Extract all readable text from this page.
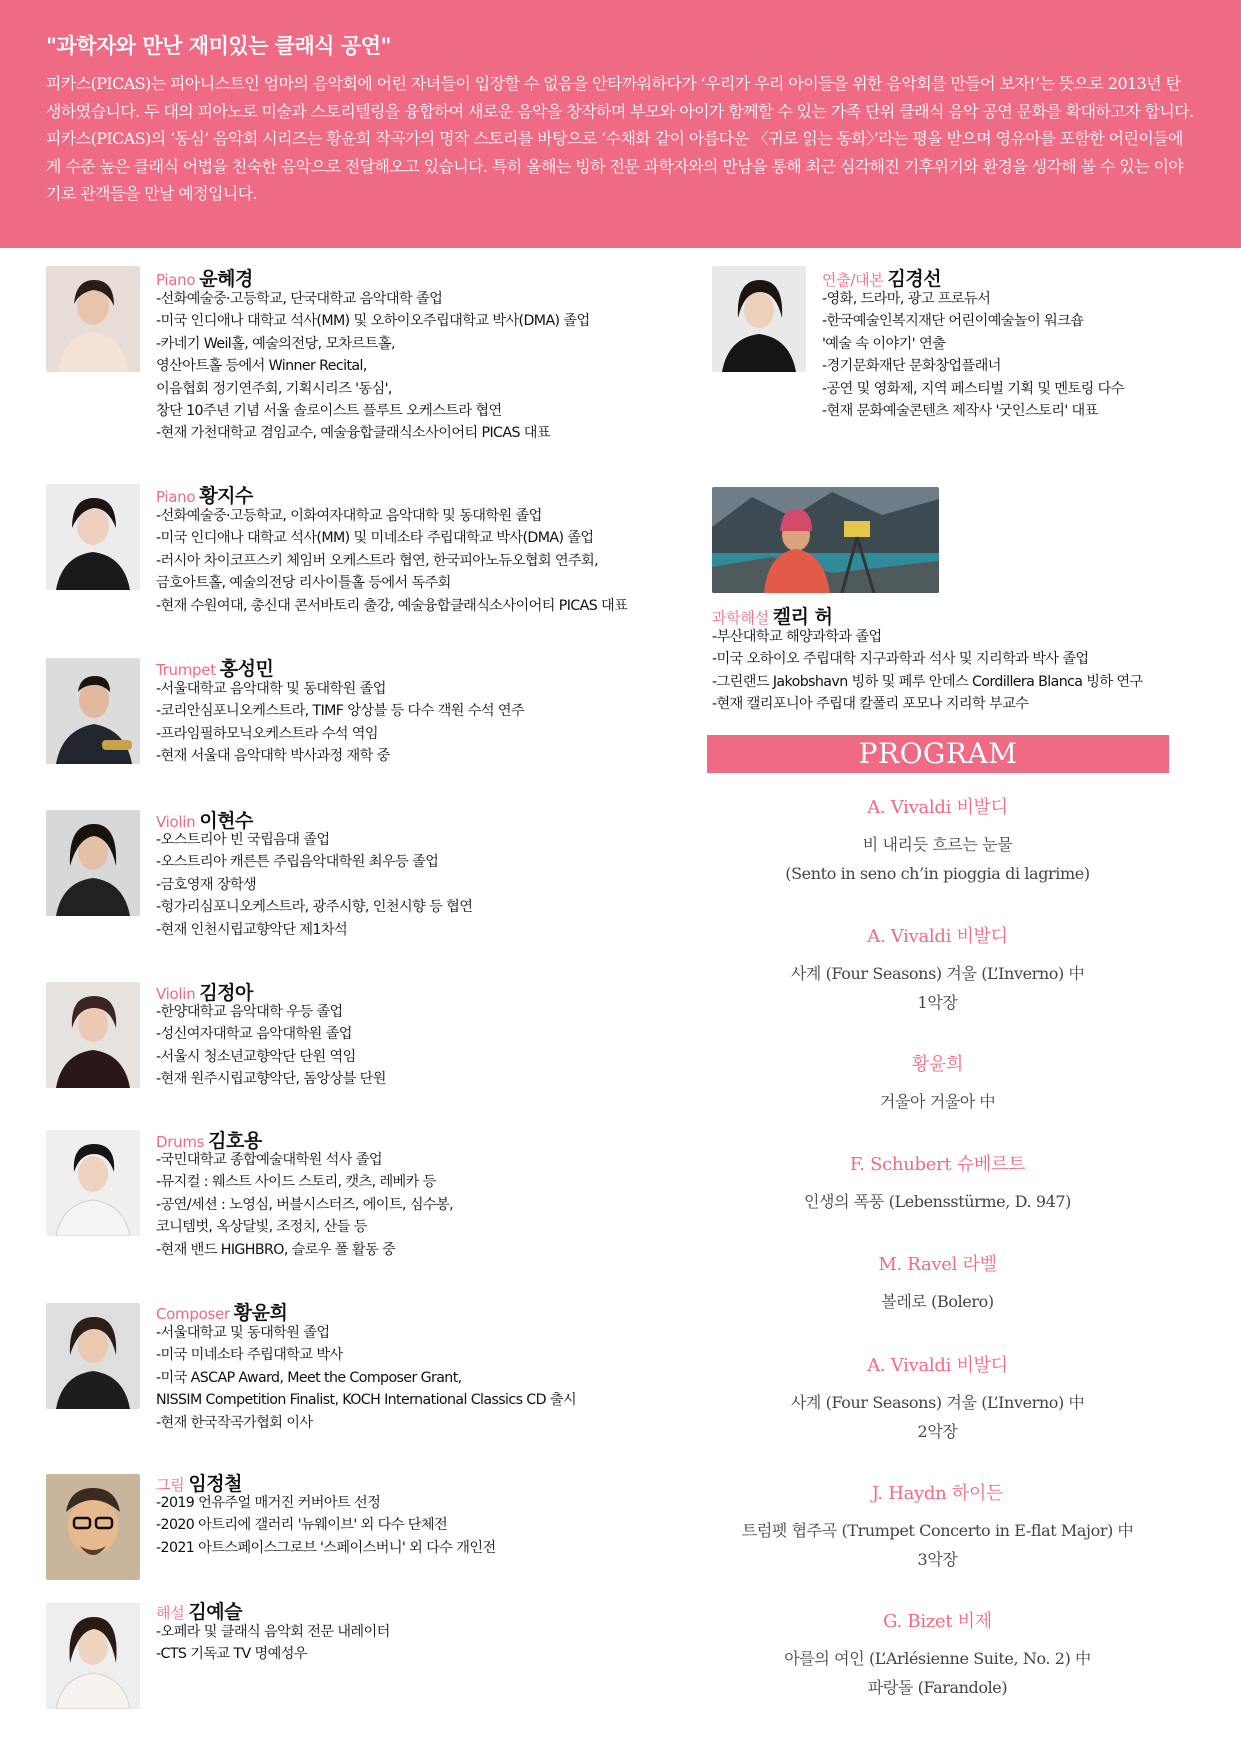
"과학자와 만난 재미있는 클래식 공연"

피카스(PICAS)는 피아니스트인 엄마의 음악회에 어린 자녀들이 입장할 수 없음을 안타까워하다가 ‘우리가 우리 아이들을 위한 음악회를 만들어 보자!’는 뜻으로 2013년 탄생하였습니다. 두 대의 피아노로 미술과 스토리텔링을 융합하여 새로운 음악을 창작하며 부모와 아이가 함께할 수 있는 가족 단위 클래식 음악 공연 문화를 확대하고자 합니다.

피카스(PICAS)의 ‘동심’ 음악회 시리즈는 황윤희 작곡가의 명작 스토리를 바탕으로 ‘수채화 같이 아름다운 〈귀로 읽는 동화〉’라는 평을 받으며 영유아를 포함한 어린이들에게 수준 높은 클래식 어법을 친숙한 음악으로 전달해오고 있습니다. 특히 올해는 빙하 전문 과학자와의 만남을 통해 최근 심각해진 기후위기와 환경을 생각해 볼 수 있는 이야기로 관객들을 만날 예정입니다.

Piano 윤혜경
-선화예술중·고등학교, 단국대학교 음악대학 졸업
-미국 인디애나 대학교 석사(MM) 및 오하이오주립대학교 박사(DMA) 졸업
-카네기 Weil홀, 예술의전당, 모차르트홀,
영산아트홀 등에서 Winner Recital,
이음협회 정기연주회, 기획시리즈 '동심',
창단 10주년 기념 서울 솔로이스트 플루트 오케스트라 협연
-현재 가천대학교 겸임교수, 예술융합클래식소사이어티 PICAS 대표
Piano 황지수
-선화예술중·고등학교, 이화여자대학교 음악대학 및 동대학원 졸업
-미국 인디애나 대학교 석사(MM) 및 미네소타 주립대학교 박사(DMA) 졸업
-러시아 차이코프스키 체임버 오케스트라 협연, 한국피아노듀오협회 연주회,
금호아트홀, 예술의전당 리사이틀홀 등에서 독주회
-현재 수원여대, 총신대 콘서바토리 출강, 예술융합클래식소사이어티 PICAS 대표
Trumpet 홍성민
-서울대학교 음악대학 및 동대학원 졸업
-코리안심포니오케스트라, TIMF 앙상블 등 다수 객원 수석 연주
-프라임필하모닉오케스트라 수석 역임
-현재 서울대 음악대학 박사과정 재학 중
Violin 이현수
-오스트리아 빈 국립음대 졸업
-오스트리아 캐른튼 주립음악대학원 최우등 졸업
-금호영재 장학생
-헝가리심포니오케스트라, 광주시향, 인천시향 등 협연
-현재 인천시립교향악단 제1차석
Violin 김정아
-한양대학교 음악대학 우등 졸업
-성신여자대학교 음악대학원 졸업
-서울시 청소년교향악단 단원 역임
-현재 원주시립교향악단, 돔앙상블 단원
Drums 김호용
-국민대학교 종합예술대학원 석사 졸업
-뮤지컬 : 웨스트 사이드 스토리, 캣츠, 레베카 등
-공연/세션 : 노영심, 버블시스터즈, 에이트, 심수봉,
코니템벗, 옥상달빛, 조정치, 산들 등
-현재 밴드 HIGHBRO, 슬로우 폴 활동 중
Composer 황윤희
-서울대학교 및 동대학원 졸업
-미국 미네소타 주립대학교 박사
-미국 ASCAP Award, Meet the Composer Grant,
NISSIM Competition Finalist, KOCH International Classics CD 출시
-현재 한국작곡가협회 이사
그림 임정철
-2019 언유주얼 매거진 커버아트 선정
-2020 아트리에 갤러리 '뉴웨이브' 외 다수 단체전
-2021 아트스페이스그로브 '스페이스버니' 외 다수 개인전
해설 김예슬
-오페라 및 클래식 음악회 전문 내레이터
-CTS 기독교 TV 명예성우
연출/대본 김경선
-영화, 드라마, 광고 프로듀서
-한국예술인복지재단 어린이예술놀이 워크숍
'예술 속 이야기' 연출
-경기문화재단 문화창업플래너
-공연 및 영화제, 지역 페스티벌 기획 및 멘토링 다수
-현재 문화예술콘텐츠 제작사 '굿인스토리' 대표
과학해설 켈리 허
-부산대학교 해양과학과 졸업
-미국 오하이오 주립대학 지구과학과 석사 및 지리학과 박사 졸업
-그린랜드 Jakobshavn 빙하 및 페루 안데스 Cordillera Blanca 빙하 연구
-현재 캘리포니아 주립대 칼폴리 포모나 지리학 부교수
PROGRAM

A. Vivaldi 비발디

비 내리듯 흐르는 눈물
(Sento in seno ch’in pioggia di lagrime)

A. Vivaldi 비발디

사계 (Four Seasons) 겨울 (L’Inverno) 中
1악장

황윤희

거울아 거울아 中

F. Schubert 슈베르트

인생의 폭풍 (Lebensstürme, D. 947)

M. Ravel 라벨

볼레로 (Bolero)

A. Vivaldi 비발디

사계 (Four Seasons) 겨울 (L’Inverno) 中
2악장

J. Haydn 하이든

트럼펫 협주곡 (Trumpet Concerto in E-flat Major) 中
3악장

G. Bizet 비제

아를의 여인 (L’Arlésienne Suite, No. 2) 中
파랑돌 (Farandole)
